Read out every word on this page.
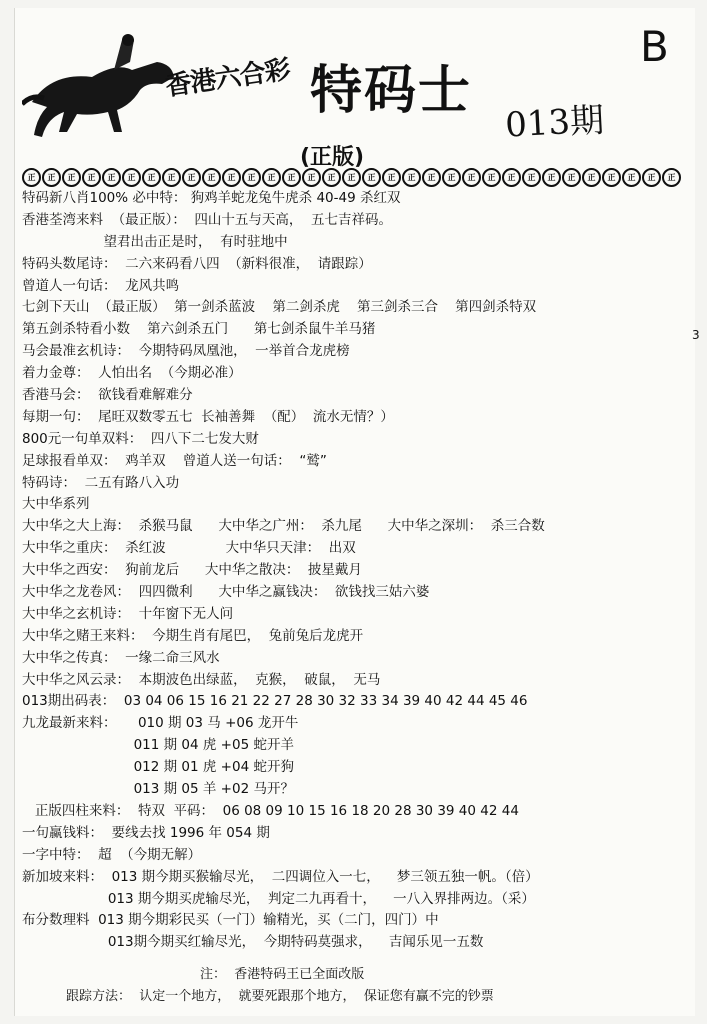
香港六合彩 特码士
B
013期
(正版)
正	正	正	正	正	正	正	正	正	正	正	正	正	正	正	正	正	正	正	正	正	正	正	正	正	正	正	正	正	正	正	正	正
特码新八肖100% 必中特： 狗鸡羊蛇龙兔牛虎杀 40-49 杀红双
香港荃湾来料  （最正版）：  四山十五与天高，  五七吉祥码。
望君出击正是时，  有时驻地中
特码头数尾诗：  二六来码看八四  （新料很准，  请跟踪）
曾道人一句话：  龙风共鸣
七剑下天山  （最正版）  第一剑杀蓝波    第二剑杀虎    第三剑杀三合    第四剑杀特双
第五剑杀特看小数    第六剑杀五门      第七剑杀鼠牛羊马猪
马会最准玄机诗：  今期特码凤凰池，  一举首合龙虎榜
着力金尊：  人怕出名  （今期必准）
香港马会：  欲钱看难解难分
每期一句：  尾旺双数零五七  长袖善舞  （配）  流水无情？）
800元一句单双料：  四八下二七发大财
足球报看单双：  鸡羊双    曾道人送一句话：  “鹫”
特码诗：  二五有路八入功
大中华系列
大中华之大上海：  杀猴马鼠      大中华之广州：  杀九尾      大中华之深圳：  杀三合数
大中华之重庆：  杀红波              大中华只天津：  出双
大中华之西安：  狗前龙后      大中华之散决：  披星戴月
大中华之龙卷风：  四四微利      大中华之赢钱决：  欲钱找三姑六婆
大中华之玄机诗：  十年窗下无人问
大中华之赌王来料：  今期生肖有尾巴，  兔前兔后龙虎开
大中华之传真：  一缘二命三风水
大中华之风云录：  本期波色出绿蓝，  克猴，  破鼠，  无马
013期出码表：  03 04 06 15 16 21 22 27 28 30 32 33 34 39 40 42 44 45 46
九龙最新来料：     010 期 03 马 +06 龙开牛
011 期 04 虎 +05 蛇开羊
012 期 01 虎 +04 蛇开狗
013 期 05 羊 +02 马开？
正版四柱来料：  特双  平码：  06 08 09 10 15 16 18 20 28 30 39 40 42 44
一句赢钱料：  要线去找 1996 年 054 期
一字中特：  超  （今期无解）
新加坡来料：  013 期今期买猴输尽光，  二四调位入一七，    梦三领五独一帆。（倍）
013 期今期买虎输尽光，  判定二九再看十，    一八入界排两边。（采）
布分数理料  013 期今期彩民买（一门）输精光，买（二门，四门）中
013期今期买红输尽光，  今期特码莫强求，    吉闻乐见一五数
3
注：  香港特码王已全面改版
跟踪方法：  认定一个地方，  就要死跟那个地方，  保证您有赢不完的钞票
